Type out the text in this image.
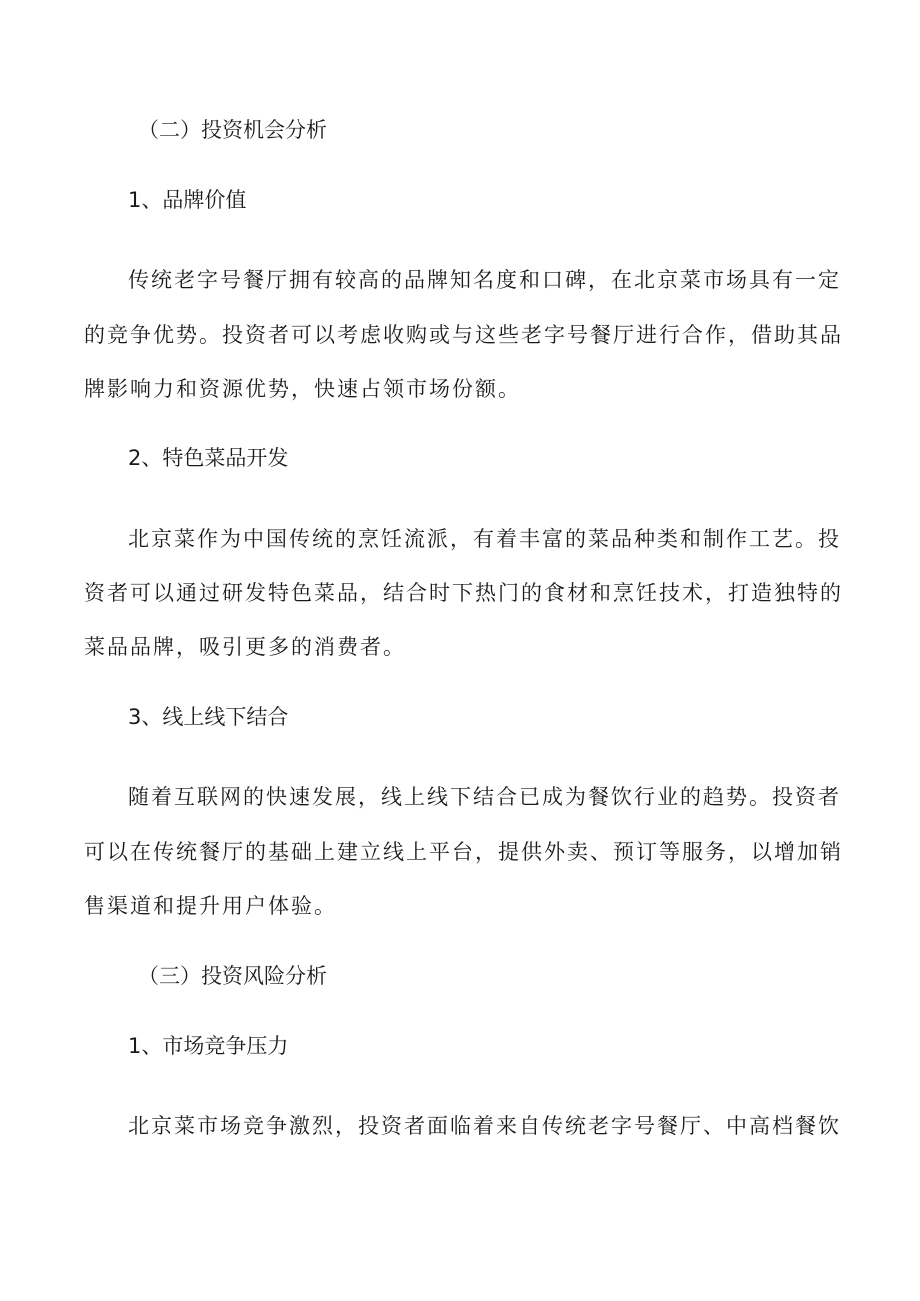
（二）投资机会分析
1、品牌价值
传统老字号餐厅拥有较高的品牌知名度和口碑，在北京菜市场具有一定
的竞争优势。投资者可以考虑收购或与这些老字号餐厅进行合作，借助其品
牌影响力和资源优势，快速占领市场份额。
2、特色菜品开发
北京菜作为中国传统的烹饪流派，有着丰富的菜品种类和制作工艺。投
资者可以通过研发特色菜品，结合时下热门的食材和烹饪技术，打造独特的
菜品品牌，吸引更多的消费者。
3、线上线下结合
随着互联网的快速发展，线上线下结合已成为餐饮行业的趋势。投资者
可以在传统餐厅的基础上建立线上平台，提供外卖、预订等服务，以增加销
售渠道和提升用户体验。
（三）投资风险分析
1、市场竞争压力
北京菜市场竞争激烈，投资者面临着来自传统老字号餐厅、中高档餐饮
